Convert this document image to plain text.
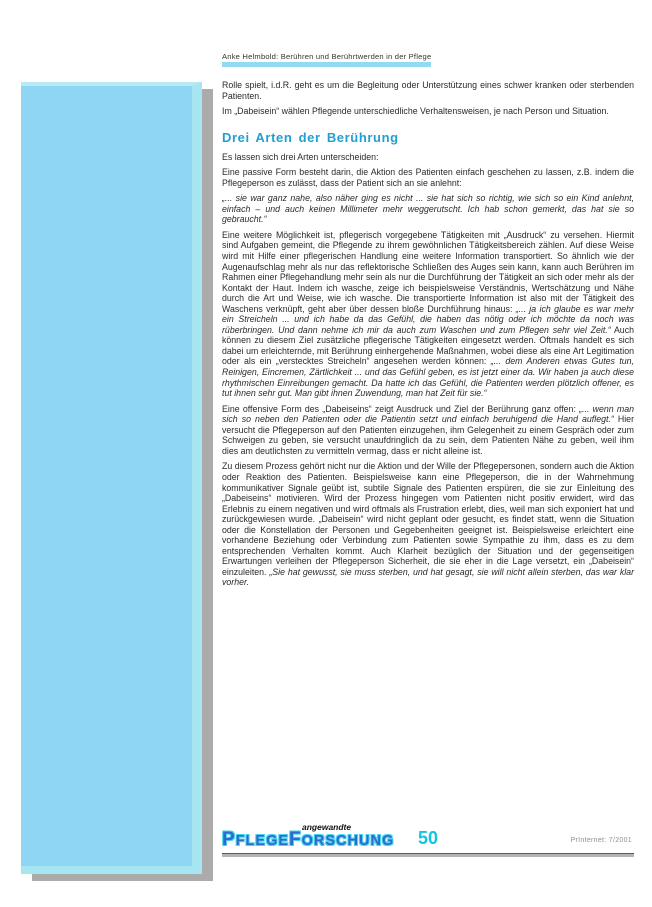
Anke Helmbold: Berühren und Berührtwerden in der Pflege

Rolle spielt, i.d.R. geht es um die Begleitung oder Unterstützung eines schwer kranken oder sterbenden Patienten.

Im „Dabeisein“ wählen Pflegende unterschiedliche Verhaltensweisen, je nach Person und Situation.

Drei Arten der Berührung

Es lassen sich drei Arten unterscheiden:

Eine passive Form besteht darin, die Aktion des Patienten einfach geschehen zu lassen, z.B. indem die Pflegeperson es zulässt, dass der Patient sich an sie anlehnt:

„... sie war ganz nahe, also näher ging es nicht ... sie hat sich so richtig, wie sich so ein Kind anlehnt, einfach – und auch keinen Millimeter mehr weggerutscht. Ich hab schon gemerkt, das hat sie so gebraucht.“

Eine weitere Möglichkeit ist, pflegerisch vorgegebene Tätigkeiten mit „Ausdruck“ zu versehen. Hiermit sind Aufgaben gemeint, die Pflegende zu ihrem gewöhnlichen Tätigkeitsbereich zählen. Auf diese Weise wird mit Hilfe einer pflegerischen Handlung eine weitere Information transportiert. So ähnlich wie der Augenaufschlag mehr als nur das reflektorische Schließen des Auges sein kann, kann auch Berühren im Rahmen einer Pflegehandlung mehr sein als nur die Durchführung der Tätigkeit an sich oder mehr als der Kontakt der Haut. Indem ich wasche, zeige ich beispielsweise Verständnis, Wertschätzung und Nähe durch die Art und Weise, wie ich wasche. Die transportierte Information ist also mit der Tätigkeit des Waschens verknüpft, geht aber über dessen bloße Durchführung hinaus: „... ja ich glaube es war mehr ein Streicheln ... und ich habe da das Gefühl, die haben das nötig oder ich möchte da noch was rüberbringen. Und dann nehme ich mir da auch zum Waschen und zum Pflegen sehr viel Zeit.“ Auch können zu diesem Ziel zusätzliche pflegerische Tätigkeiten eingesetzt werden. Oftmals handelt es sich dabei um erleichternde, mit Berührung einhergehende Maßnahmen, wobei diese als eine Art Legitimation oder als ein „verstecktes Streicheln“ angesehen werden können: „... dem Anderen etwas Gutes tun, Reinigen, Eincremen, Zärtlichkeit ... und das Gefühl geben, es ist jetzt einer da. Wir haben ja auch diese rhythmischen Einreibungen gemacht. Da hatte ich das Gefühl, die Patienten werden plötzlich offener, es tut ihnen sehr gut. Man gibt ihnen Zuwendung, man hat Zeit für sie.“

Eine offensive Form des „Dabeiseins“ zeigt Ausdruck und Ziel der Berührung ganz offen: „... wenn man sich so neben den Patienten oder die Patientin setzt und einfach beruhigend die Hand auflegt.“ Hier versucht die Pflegeperson auf den Patienten einzugehen, ihm Gelegenheit zu einem Gespräch oder zum Schweigen zu geben, sie versucht unaufdringlich da zu sein, dem Patienten Nähe zu geben, weil ihm dies am deutlichsten zu vermitteln vermag, dass er nicht alleine ist.

Zu diesem Prozess gehört nicht nur die Aktion und der Wille der Pflegepersonen, sondern auch die Aktion oder Reaktion des Patienten. Beispielsweise kann eine Pflegeperson, die in der Wahrnehmung kommunikativer Signale geübt ist, subtile Signale des Patienten erspüren, die sie zur Einleitung des „Dabeiseins“ motivieren. Wird der Prozess hingegen vom Patienten nicht positiv erwidert, wird das Erlebnis zu einem negativen und wird oftmals als Frustration erlebt, dies, weil man sich exponiert hat und zurückgewiesen wurde. „Dabeisein“ wird nicht geplant oder gesucht, es findet statt, wenn die Situation oder die Konstellation der Personen und Gegebenheiten geeignet ist. Beispielsweise erleichtert eine vorhandene Beziehung oder Verbindung zum Patienten sowie Sympathie zu ihm, dass es zu dem entsprechenden Verhalten kommt. Auch Klarheit bezüglich der Situation und der gegenseitigen Erwartungen verleihen der Pflegeperson Sicherheit, die sie eher in die Lage versetzt, ein „Dabeisein“ einzuleiten. „Sie hat gewusst, sie muss sterben, und hat gesagt, sie will nicht allein sterben, das war klar vorher.

angewandte
PFLEGEFORSCHUNG 50	PrInternet: 7/2001
